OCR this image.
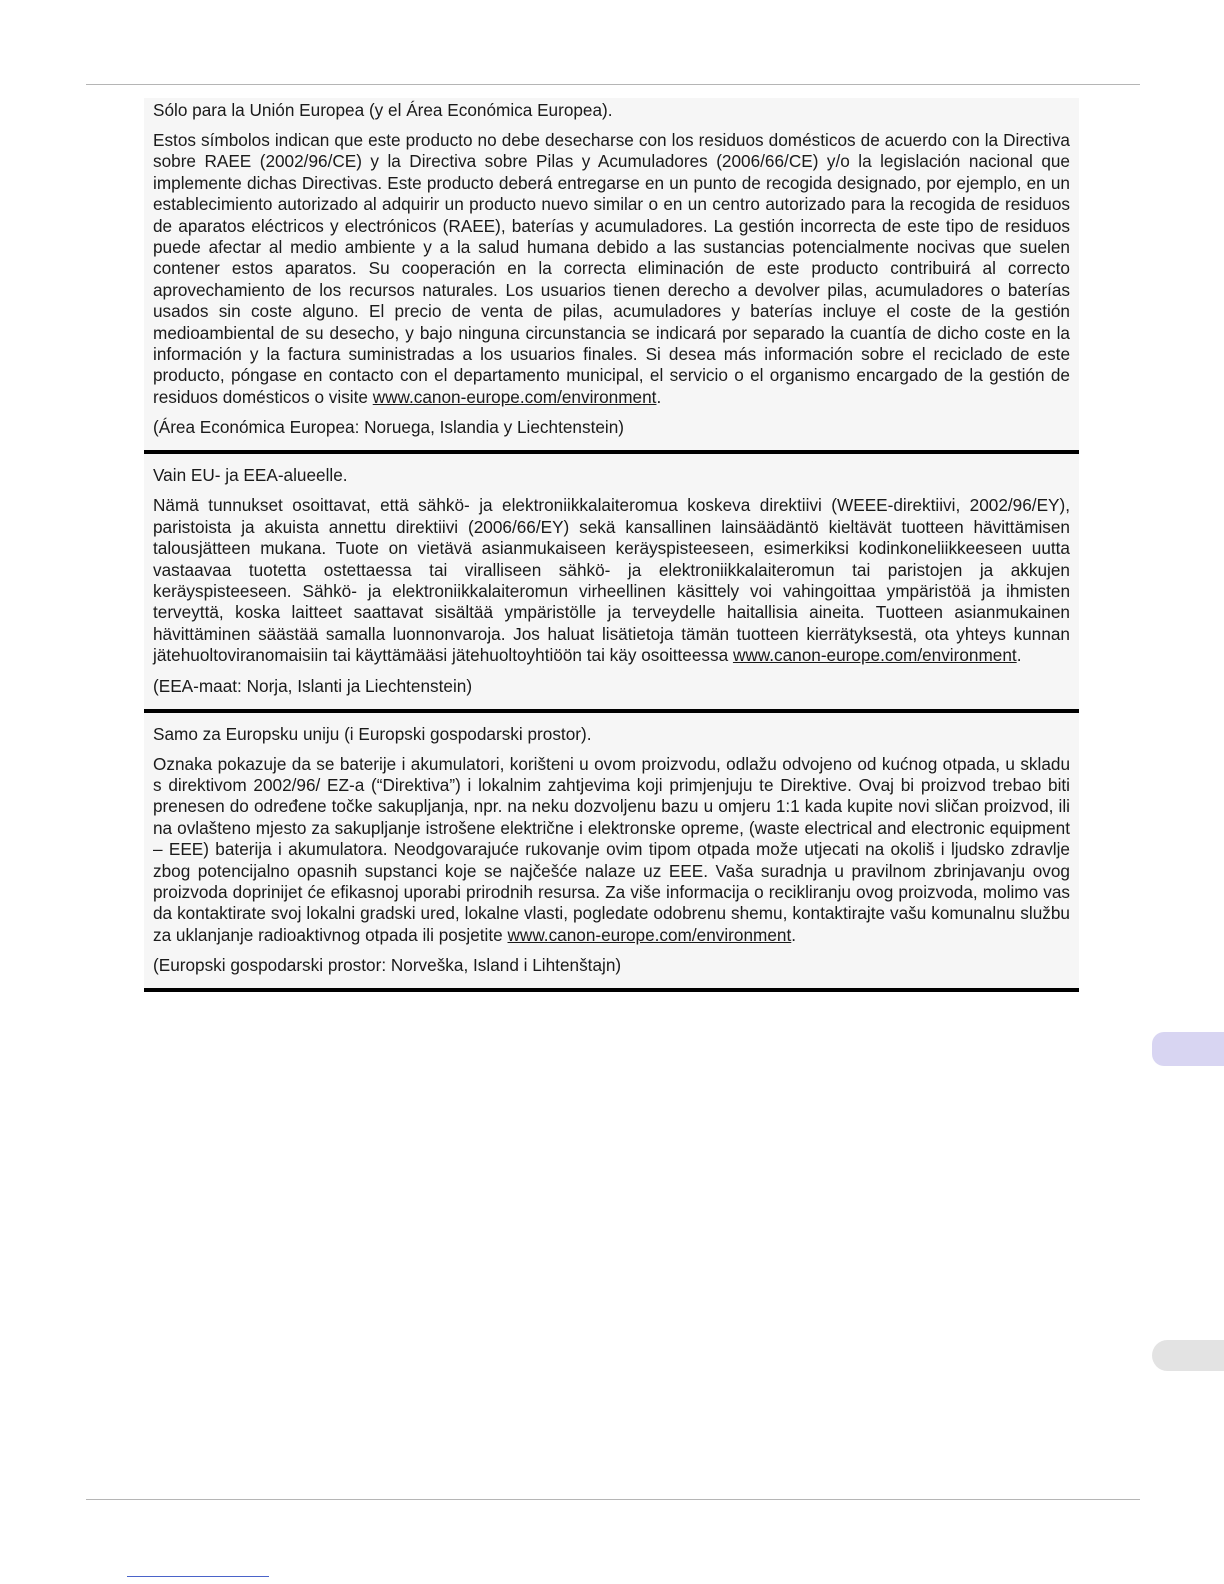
Sólo para la Unión Europea (y el Área Económica Europea).

Estos símbolos indican que este producto no debe desecharse con los residuos domésticos de acuerdo con la Directiva sobre RAEE (2002/96/CE) y la Directiva sobre Pilas y Acumuladores (2006/66/CE) y/o la legislación nacional que implemente dichas Directivas. Este producto deberá entregarse en un punto de recogida designado, por ejemplo, en un establecimiento autorizado al adquirir un producto nuevo similar o en un centro autorizado para la recogida de residuos de aparatos eléctricos y electrónicos (RAEE), baterías y acumuladores. La gestión incorrecta de este tipo de residuos puede afectar al medio ambiente y a la salud humana debido a las sustancias potencialmente nocivas que suelen contener estos aparatos. Su cooperación en la correcta eliminación de este producto contribuirá al correcto aprovechamiento de los recursos naturales. Los usuarios tienen derecho a devolver pilas, acumuladores o baterías usados sin coste alguno. El precio de venta de pilas, acumuladores y baterías incluye el coste de la gestión medioambiental de su desecho, y bajo ninguna circunstancia se indicará por separado la cuantía de dicho coste en la información y la factura suministradas a los usuarios finales. Si desea más información sobre el reciclado de este producto, póngase en contacto con el departamento municipal, el servicio o el organismo encargado de la gestión de residuos domésticos o visite www.canon-europe.com/environment.

(Área Económica Europea: Noruega, Islandia y Liechtenstein)

Vain EU- ja EEA-alueelle.

Nämä tunnukset osoittavat, että sähkö- ja elektroniikkalaiteromua koskeva direktiivi (WEEE-direktiivi, 2002/96/EY), paristoista ja akuista annettu direktiivi (2006/66/EY) sekä kansallinen lainsäädäntö kieltävät tuotteen hävittämisen talousjätteen mukana. Tuote on vietävä asianmukaiseen keräyspisteeseen, esimerkiksi kodinkoneliikkeeseen uutta vastaavaa tuotetta ostettaessa tai viralliseen sähkö- ja elektroniikkalaiteromun tai paristojen ja akkujen keräyspisteeseen. Sähkö- ja elektroniikkalaiteromun virheellinen käsittely voi vahingoittaa ympäristöä ja ihmisten terveyttä, koska laitteet saattavat sisältää ympäristölle ja terveydelle haitallisia aineita. Tuotteen asianmukainen hävittäminen säästää samalla luonnonvaroja. Jos haluat lisätietoja tämän tuotteen kierrätyksestä, ota yhteys kunnan jätehuoltoviranomaisiin tai käyttämääsi jätehuoltoyhtiöön tai käy osoitteessa www.canon-europe.com/environment.

(EEA-maat: Norja, Islanti ja Liechtenstein)

Samo za Europsku uniju (i Europski gospodarski prostor).

Oznaka pokazuje da se baterije i akumulatori, korišteni u ovom proizvodu, odlažu odvojeno od kućnog otpada, u skladu s direktivom 2002/96/ EZ-a (“Direktiva”) i lokalnim zahtjevima koji primjenjuju te Direktive. Ovaj bi proizvod trebao biti prenesen do određene točke sakupljanja, npr. na neku dozvoljenu bazu u omjeru 1:1 kada kupite novi sličan proizvod, ili na ovlašteno mjesto za sakupljanje istrošene električne i elektronske opreme, (waste electrical and electronic equipment – EEE) baterija i akumulatora. Neodgovarajuće rukovanje ovim tipom otpada može utjecati na okoliš i ljudsko zdravlje zbog potencijalno opasnih supstanci koje se najčešće nalaze uz EEE. Vaša suradnja u pravilnom zbrinjavanju ovog proizvoda doprinijet će efikasnoj uporabi prirodnih resursa. Za više informacija o recikliranju ovog proizvoda, molimo vas da kontaktirate svoj lokalni gradski ured, lokalne vlasti, pogledate odobrenu shemu, kontaktirajte vašu komunalnu službu za uklanjanje radioaktivnog otpada ili posjetite www.canon-europe.com/environment.

(Europski gospodarski prostor: Norveška, Island i Lihtenštajn)
